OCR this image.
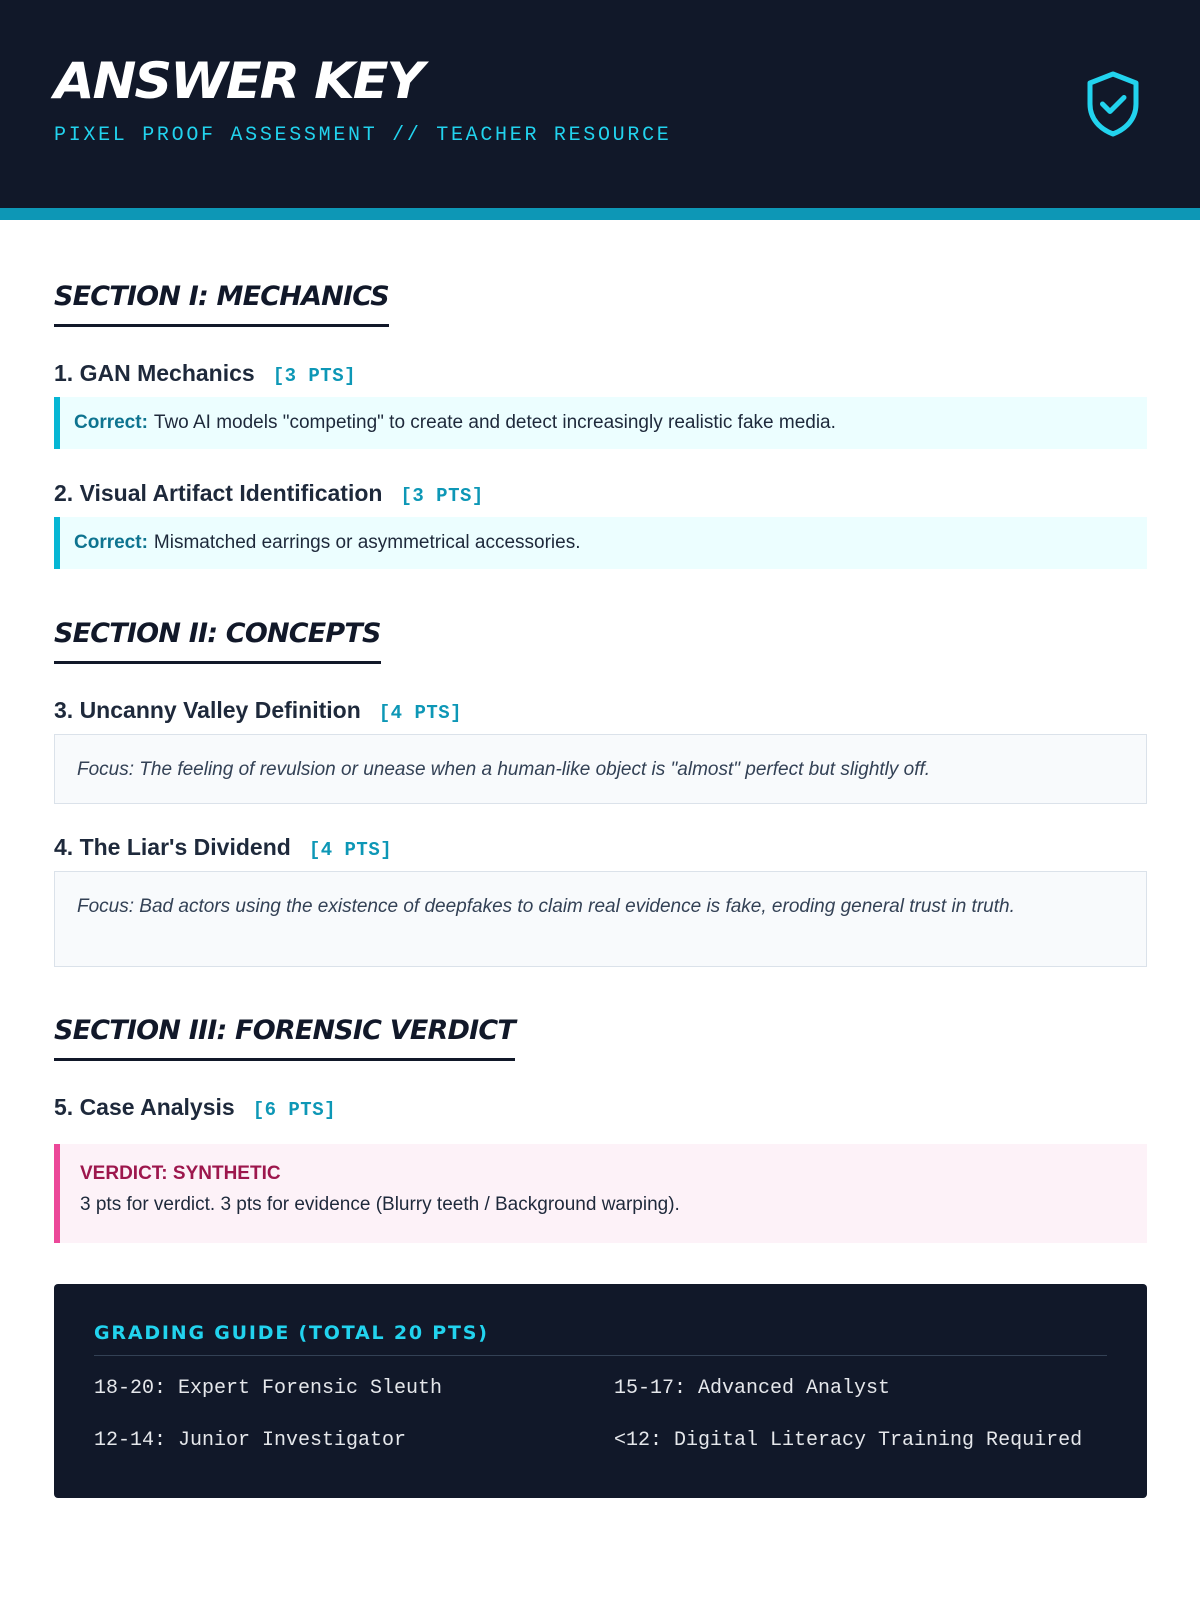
ANSWER KEY
PIXEL PROOF ASSESSMENT // TEACHER RESOURCE
SECTION I: MECHANICS
1. GAN Mechanics [3 PTS]
Correct: Two AI models "competing" to create and detect increasingly realistic fake media.
2. Visual Artifact Identification [3 PTS]
Correct: Mismatched earrings or asymmetrical accessories.
SECTION II: CONCEPTS
3. Uncanny Valley Definition [4 PTS]
Focus: The feeling of revulsion or unease when a human-like object is "almost" perfect but slightly off.
4. The Liar's Dividend [4 PTS]
Focus: Bad actors using the existence of deepfakes to claim real evidence is fake, eroding general trust in truth.
SECTION III: FORENSIC VERDICT
5. Case Analysis [6 PTS]
VERDICT: SYNTHETIC
3 pts for verdict. 3 pts for evidence (Blurry teeth / Background warping).
GRADING GUIDE (TOTAL 20 PTS)
18-20: Expert Forensic Sleuth	15-17: Advanced Analyst
12-14: Junior Investigator	<12: Digital Literacy Training Required
